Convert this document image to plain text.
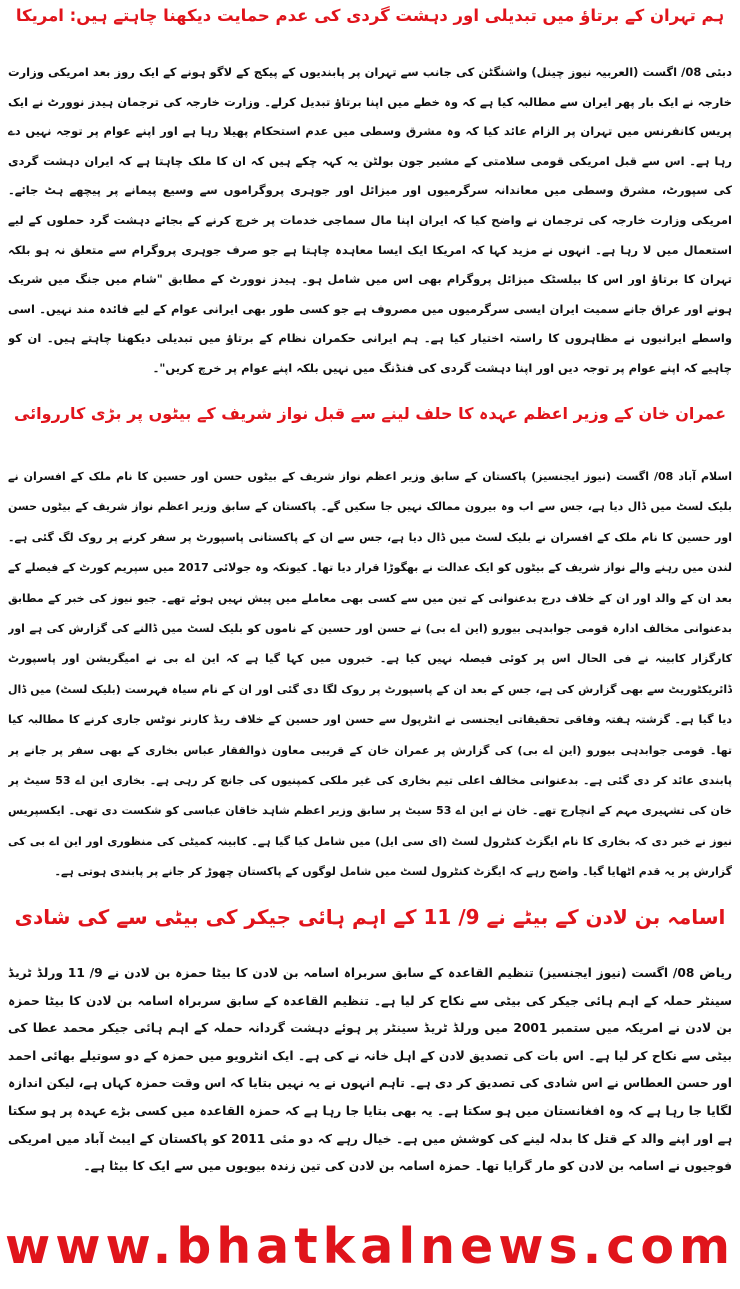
ہم تہران کے برتاؤ میں تبدیلی اور دہشت گردی کی عدم حمایت دیکھنا چاہتے ہیں: امریکا

دبئی 08/ اگست (العربیہ نیوز چینل) واشنگٹن کی جانب سے تہران پر پابندیوں کے پیکج کے لاگو ہونے کے ایک روز بعد امریکی وزارت خارجہ نے ایک بار پھر ایران سے مطالبہ کیا ہے کہ وہ خطے میں اپنا برتاؤ تبدیل کرلے۔ وزارت خارجہ کی ترجمان ہیدز نوورٹ نے ایک پریس کانفرنس میں تہران پر الزام عائد کیا کہ وہ مشرق وسطی میں عدم استحکام پھیلا رہا ہے اور اپنے عوام پر توجہ نہیں دے رہا ہے۔ اس سے قبل امریکی قومی سلامتی کے مشیر جون بولٹن یہ کہہ چکے ہیں کہ ان کا ملک چاہتا ہے کہ ایران دہشت گردی کی سپورٹ، مشرق وسطی میں معاندانہ سرگرمیوں اور میزائل اور جوہری پروگراموں سے وسیع پیمانے پر پیچھے ہٹ جائے۔ امریکی وزارت خارجہ کی ترجمان نے واضح کیا کہ ایران اپنا مال سماجی خدمات پر خرچ کرنے کے بجائے دہشت گرد حملوں کے لیے استعمال میں لا رہا ہے۔ انہوں نے مزید کہا کہ امریکا ایک ایسا معاہدہ چاہتا ہے جو صرف جوہری پروگرام سے متعلق نہ ہو بلکہ تہران کا برتاؤ اور اس کا بیلسٹک میزائل پروگرام بھی اس میں شامل ہو۔ ہیدز نوورٹ کے مطابق "شام میں جنگ میں شریک ہونے اور عراق جانے سمیت ایران ایسی سرگرمیوں میں مصروف ہے جو کسی طور بھی ایرانی عوام کے لیے فائدہ مند نہیں۔ اسی واسطے ایرانیوں نے مظاہروں کا راستہ اختیار کیا ہے۔ ہم ایرانی حکمران نظام کے برتاؤ میں تبدیلی دیکھنا چاہتے ہیں۔ ان کو چاہیے کہ اپنے عوام پر توجہ دیں اور اپنا دہشت گردی کی فنڈنگ میں نہیں بلکہ اپنے عوام پر خرچ کریں"۔

عمران خان کے وزیر اعظم عہدہ کا حلف لینے سے قبل نواز شریف کے بیٹوں پر بڑی کارروائی

اسلام آباد 08/ اگست (نیوز ایجنسیز) پاکستان کے سابق وزیر اعظم نواز شریف کے بیٹوں حسن اور حسین کا نام ملک کے افسران نے بلیک لسٹ میں ڈال دیا ہے، جس سے اب وہ بیرون ممالک نہیں جا سکیں گے۔ پاکستان کے سابق وزیر اعظم نواز شریف کے بیٹوں حسن اور حسین کا نام ملک کے افسران نے بلیک لسٹ میں ڈال دیا ہے، جس سے ان کے پاکستانی پاسپورٹ پر سفر کرنے پر روک لگ گئی ہے۔ لندن میں رہنے والے نواز شریف کے بیٹوں کو ایک عدالت نے بھگوڑا قرار دیا تھا۔ کیونکہ وہ جولائی 2017 میں سپریم کورٹ کے فیصلے کے بعد ان کے والد اور ان کے خلاف درج بدعنوانی کے تین میں سے کسی بھی معاملے میں پیش نہیں ہوئے تھے۔ جیو نیوز کی خبر کے مطابق بدعنوانی مخالف ادارہ قومی جوابدہی بیورو (این اے بی) نے حسن اور حسین کے ناموں کو بلیک لسٹ میں ڈالنے کی گزارش کی ہے اور کارگزار کابینہ نے فی الحال اس پر کوئی فیصلہ نہیں کیا ہے۔ خبروں میں کہا گیا ہے کہ این اے بی نے امیگریشن اور پاسپورٹ ڈائریکٹوریٹ سے بھی گزارش کی ہے، جس کے بعد ان کے پاسپورٹ پر روک لگا دی گئی اور ان کے نام سیاہ فہرست (بلیک لسٹ) میں ڈال دیا گیا ہے۔ گزشتہ ہفتہ وفاقی تحقیقاتی ایجنسی نے انٹرپول سے حسن اور حسین کے خلاف ریڈ کارنر نوٹس جاری کرنے کا مطالبہ کیا تھا۔ قومی جوابدہی بیورو (این اے بی) کی گزارش پر عمران خان کے قریبی معاون ذوالفقار عباس بخاری کے بھی سفر پر جانے پر پابندی عائد کر دی گئی ہے۔ بدعنوانی مخالف اعلی تیم بخاری کی غیر ملکی کمپنیوں کی جانچ کر رہی ہے۔ بخاری این اے 53 سیٹ پر خان کی تشہیری مہم کے انچارج تھے۔ خان نے این اے 53 سیٹ پر سابق وزیر اعظم شاہد خاقان عباسی کو شکست دی تھی۔ ایکسپریس نیوز نے خبر دی کہ بخاری کا نام ایگزٹ کنٹرول لسٹ (ای سی ایل) میں شامل کیا گیا ہے۔ کابینہ کمیٹی کی منظوری اور این اے بی کی گزارش پر یہ قدم اٹھایا گیا۔ واضح رہے کہ ایگزٹ کنٹرول لسٹ میں شامل لوگوں کے پاکستان چھوڑ کر جانے پر پابندی ہوتی ہے۔

اسامہ بن لادن کے بیٹے نے 9/ 11 کے اہم ہائی جیکر کی بیٹی سے کی شادی

ریاض 08/ اگست (نیوز ایجنسیز) تنظیم القاعدہ کے سابق سربراہ اسامہ بن لادن کا بیٹا حمزہ بن لادن نے 9/ 11 ورلڈ ٹریڈ سینٹر حملہ کے اہم ہائی جیکر کی بیٹی سے نکاح کر لیا ہے۔ تنظیم القاعدہ کے سابق سربراہ اسامہ بن لادن کا بیٹا حمزہ بن لادن نے امریکہ میں ستمبر 2001 میں ورلڈ ٹریڈ سینٹر پر ہوئے دہشت گردانہ حملہ کے اہم ہائی جیکر محمد عطا کی بیٹی سے نکاح کر لیا ہے۔ اس بات کی تصدیق لادن کے اہل خانہ نے کی ہے۔ ایک انٹرویو میں حمزہ کے دو سوتیلے بھائی احمد اور حسن العطاس نے اس شادی کی تصدیق کر دی ہے۔ تاہم انہوں نے یہ نہیں بتایا کہ اس وقت حمزہ کہاں ہے، لیکن اندازہ لگایا جا رہا ہے کہ وہ افغانستان میں ہو سکتا ہے۔ یہ بھی بتایا جا رہا ہے کہ حمزہ القاعدہ میں کسی بڑے عہدہ پر ہو سکتا ہے اور اپنے والد کے قتل کا بدلہ لینے کی کوشش میں ہے۔ خیال رہے کہ دو مئی 2011 کو پاکستان کے ایبٹ آباد میں امریکی فوجیوں نے اسامہ بن لادن کو مار گرایا تھا۔ حمزہ اسامہ بن لادن کی تین زندہ بیویوں میں سے ایک کا بیٹا ہے۔

www.bhatkalnews.com
